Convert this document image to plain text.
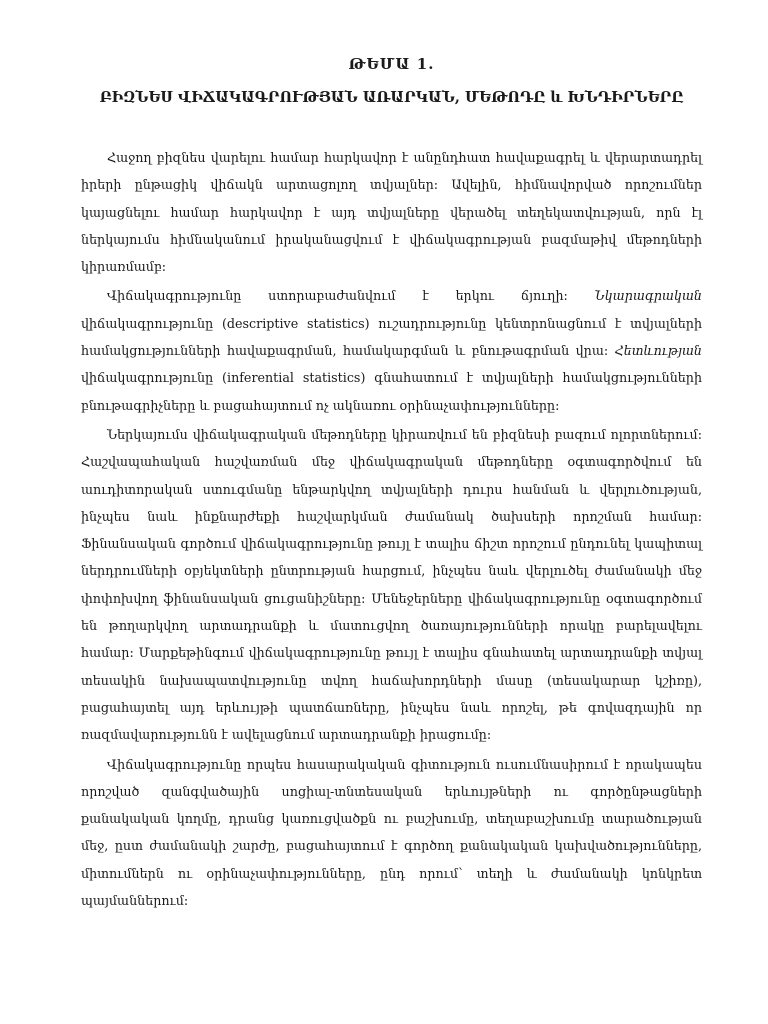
ԹԵՄԱ 1.
ԲԻԶՆԵՍ ՎԻՃԱԿԱԳՐՈՒԹՅԱՆ ԱՌԱՐԿԱՆ, ՄԵԹՈԴԸ և ԽՆԴԻՐՆԵՐԸ

Հաջող բիզնես վարելու համար հարկավոր է անընդհատ հավաքագրել և վերարտադրել իրերի ընթացիկ վիճակն արտացոլող տվյալներ: Ավելին, հիմնավորված որոշումներ կայացնելու համար հարկավոր է այդ տվյալները վերածել տեղեկատվության, որն էլ ներկայումս հիմնականում իրականացվում է վիճակագրության բազմաթիվ մեթոդների կիրառմամբ:

Վիճակագրությունը ստորաբաժանվում է երկու ճյուղի: Նկարագրական վիճակագրությունը (descriptive statistics) ուշադրությունը կենտրոնացնում է տվյալների համակցությունների հավաքագրման, համակարգման և բնութագրման վրա: Հետևության վիճակագրությունը (inferential statistics) գնահատում է տվյալների համակցությունների բնութագրիչները և բացահայտում ոչ ակնառու օրինաչափությունները:

Ներկայումս վիճակագրական մեթոդները կիրառվում են բիզնեսի բազում ոլորտներում: Հաշվապահական հաշվառման մեջ վիճակագրական մեթոդները օգտագործվում են աուդիտորական ստուգմանը ենթարկվող տվյալների դուրս հանման և վերլուծության, ինչպես նաև ինքնարժեքի հաշվարկման ժամանակ ծախսերի որոշման համար: Ֆինանսական գործում վիճակագրությունը թույլ է տալիս ճիշտ որոշում ընդունել կապիտալ ներդրումների օբյեկտների ընտրության հարցում, ինչպես նաև վերլուծել ժամանակի մեջ փոփոխվող ֆինանսական ցուցանիշները: Մենեջերները վիճակագրությունը օգտագործում են թողարկվող արտադրանքի և մատուցվող ծառայությունների որակը բարելավելու համար: Մարքեթինգում վիճակագրությունը թույլ է տալիս գնահատել արտադրանքի տվյալ տեսակին նախապատվությունը տվող հաճախորդների մասը (տեսակարար կշիռը), բացահայտել այդ երևույթի պատճառները, ինչպես նաև որոշել, թե գովազդային որ ռազմավարությունն է ավելացնում արտադրանքի իրացումը:

Վիճակագրությունը որպես հասարակական գիտություն ուսումնասիրում է որակապես որոշված զանգվածային սոցիալ-տնտեսական երևույթների ու գործընթացների քանակական կողմը, դրանց կառուցվածքն ու բաշխումը, տեղաբաշխումը տարածության մեջ, ըստ ժամանակի շարժը, բացահայտում է գործող քանակական կախվածությունները, միտումներն ու օրինաչափությունները, ընդ որում՝ տեղի և ժամանակի կոնկրետ պայմաններում:
